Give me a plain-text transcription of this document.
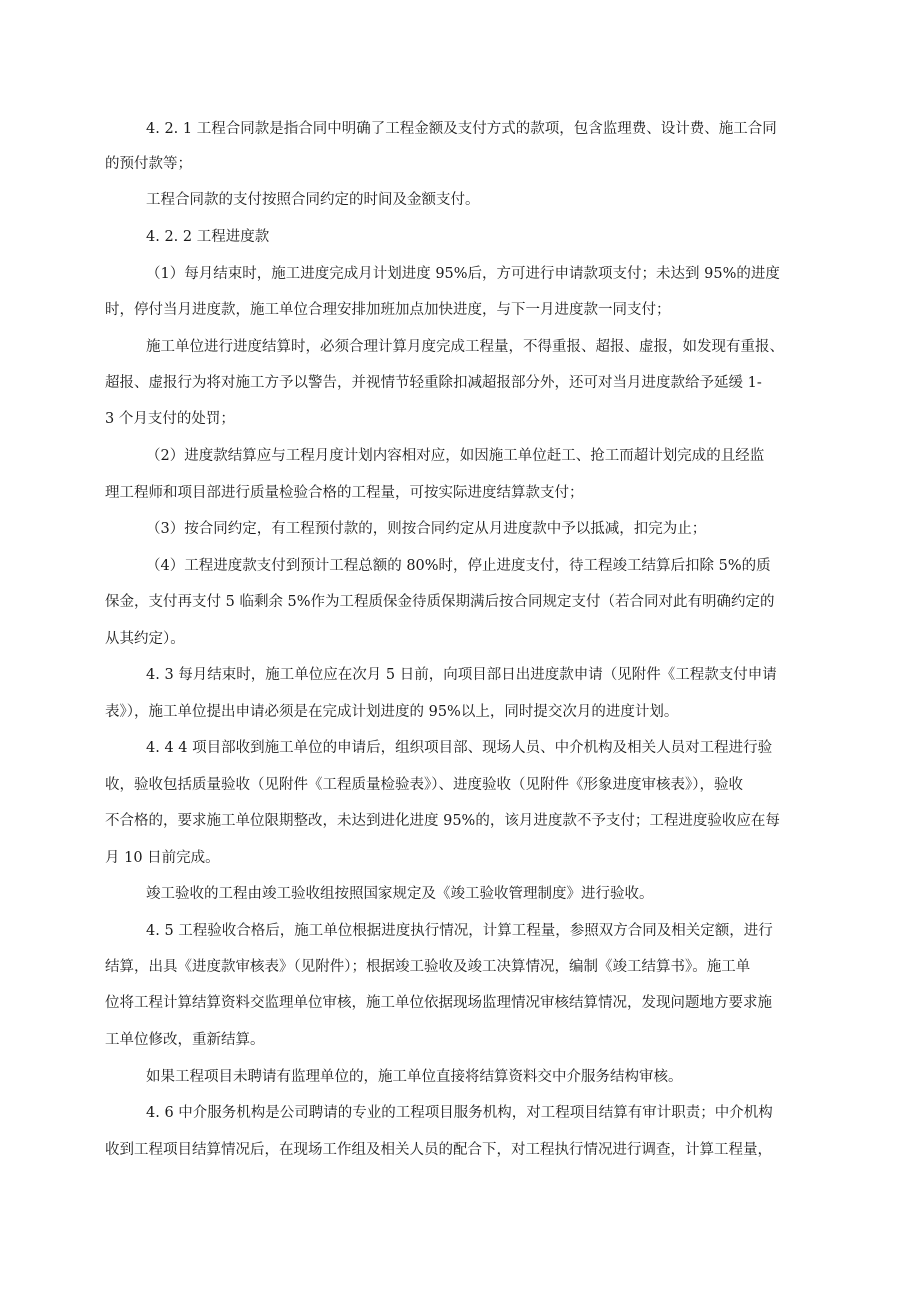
4. 2. 1 工程合同款是指合同中明确了工程金额及支付方式的款项，包含监理费、设计费、施工合同
的预付款等；
工程合同款的支付按照合同约定的时间及金额支付。
4. 2. 2 工程进度款
（1）每月结束时，施工进度完成月计划进度 95%后，方可进行申请款项支付；未达到 95%的进度
时，停付当月进度款，施工单位合理安排加班加点加快进度，与下一月进度款一同支付；
施工单位进行进度结算时，必须合理计算月度完成工程量，不得重报、超报、虚报，如发现有重报、
超报、虚报行为将对施工方予以警告，并视情节轻重除扣减超报部分外，还可对当月进度款给予延缓 1-
3 个月支付的处罚；
（2）进度款结算应与工程月度计划内容相对应，如因施工单位赶工、抢工而超计划完成的且经监
理工程师和项目部进行质量检验合格的工程量，可按实际进度结算款支付；
（3）按合同约定，有工程预付款的，则按合同约定从月进度款中予以抵减，扣完为止；
（4）工程进度款支付到预计工程总额的 80%时，停止进度支付，待工程竣工结算后扣除 5%的质
保金，支付再支付 5 临剩余 5%作为工程质保金待质保期满后按合同规定支付（若合同对此有明确约定的
从其约定）。
4. 3 每月结束时，施工单位应在次月 5 日前，向项目部日出进度款申请（见附件《工程款支付申请
表》），施工单位提出申请必须是在完成计划进度的 95%以上，同时提交次月的进度计划。
4. 4 4 项目部收到施工单位的申请后，组织项目部、现场人员、中介机构及相关人员对工程进行验
收，验收包括质量验收（见附件《工程质量检验表》）、进度验收（见附件《形象进度审核表》），验收
不合格的，要求施工单位限期整改，未达到进化进度 95%的，该月进度款不予支付；工程进度验收应在每
月 10 日前完成。
竣工验收的工程由竣工验收组按照国家规定及《竣工验收管理制度》进行验收。
4. 5 工程验收合格后，施工单位根据进度执行情况，计算工程量，参照双方合同及相关定额，进行
结算，出具《进度款审核表》（见附件）；根据竣工验收及竣工决算情况，编制《竣工结算书》。施工单
位将工程计算结算资料交监理单位审核，施工单位依据现场监理情况审核结算情况，发现问题地方要求施
工单位修改，重新结算。
如果工程项目未聘请有监理单位的，施工单位直接将结算资料交中介服务结构审核。
4. 6 中介服务机构是公司聘请的专业的工程项目服务机构，对工程项目结算有审计职责；中介机构
收到工程项目结算情况后，在现场工作组及相关人员的配合下，对工程执行情况进行调查，计算工程量，
